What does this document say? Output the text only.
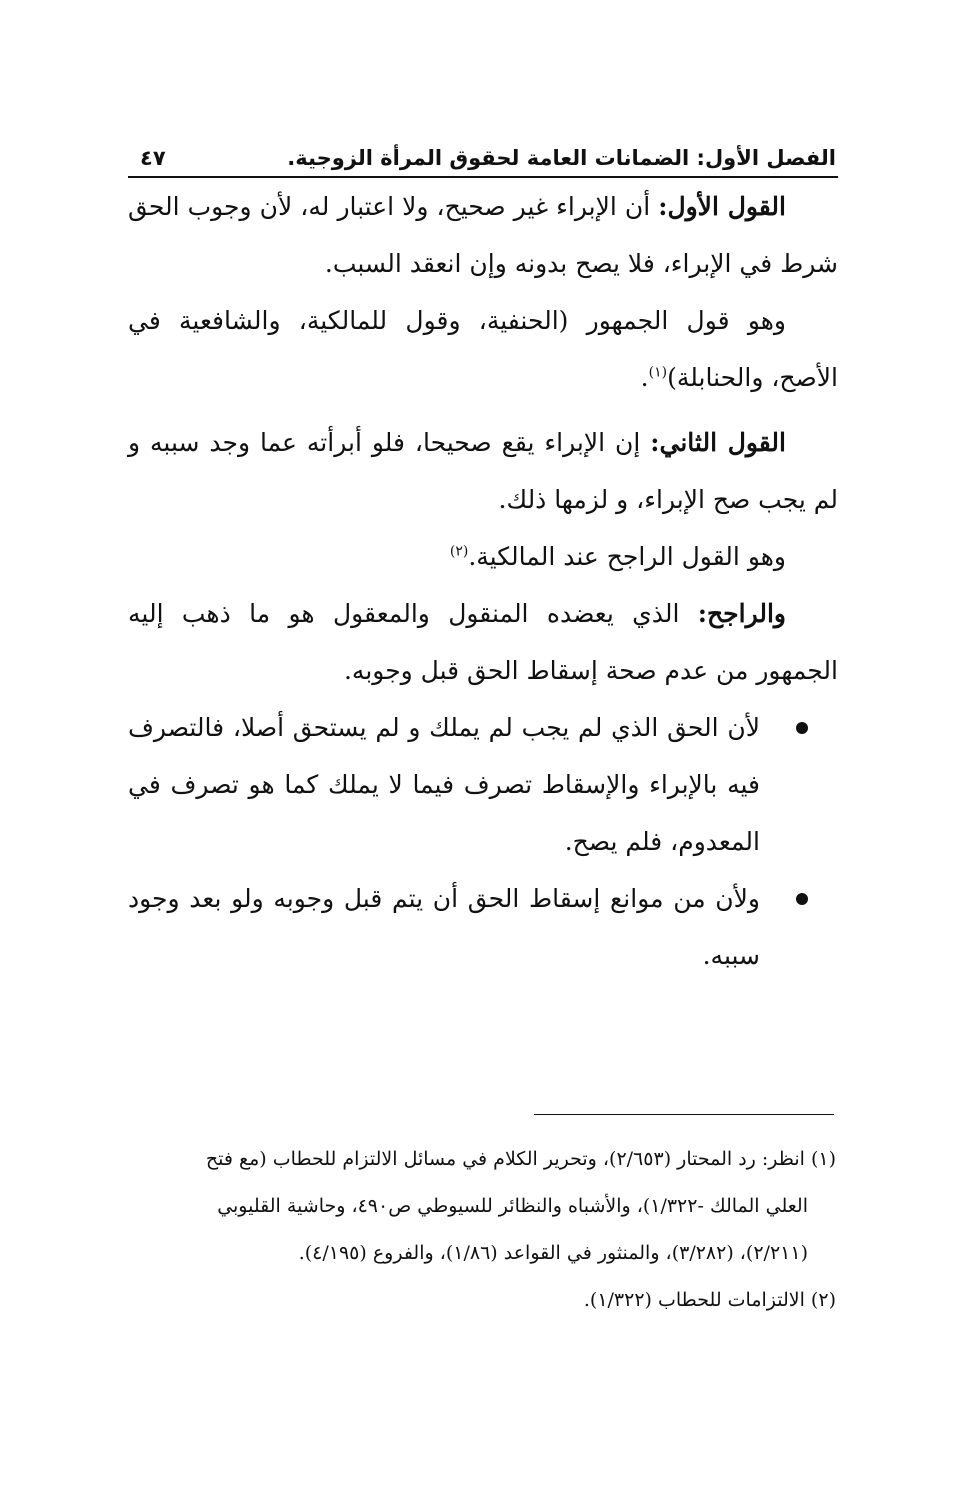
الفصل الأول: الضمانات العامة لحقوق المرأة الزوجية.
٤٧

القول الأول: أن الإبراء غير صحيح، ولا اعتبار له، لأن وجوب الحق شرط في الإبراء، فلا يصح بدونه وإن انعقد السبب.

وهو قول الجمهور (الحنفية، وقول للمالكية، والشافعية في الأصح، والحنابلة)$^{(١)}$.

القول الثاني: إن الإبراء يقع صحيحا، فلو أبرأته عما وجد سببه و لم يجب صح الإبراء، و لزمها ذلك.

وهو القول الراجح عند المالكية.$^{(٢)}$

والراجح: الذي يعضده المنقول والمعقول هو ما ذهب إليه الجمهور من عدم صحة إسقاط الحق قبل وجوبه.

لأن الحق الذي لم يجب لم يملك و لم يستحق أصلا، فالتصرف فيه بالإبراء والإسقاط تصرف فيما لا يملك كما هو تصرف في المعدوم، فلم يصح.
ولأن من موانع إسقاط الحق أن يتم قبل وجوبه ولو بعد وجود سببه.

(١) انظر: رد المحتار (٢/٦٥٣)، وتحرير الكلام في مسائل الالتزام للحطاب (مع فتح

العلي المالك -١/٣٢٢)، والأشباه والنظائر للسيوطي ص٤٩٠، وحاشية القليوبي

(٢/٢١١)، (٣/٢٨٢)، والمنثور في القواعد (١/٨٦)، والفروع (٤/١٩٥).

(٢) الالتزامات للحطاب (١/٣٢٢).
